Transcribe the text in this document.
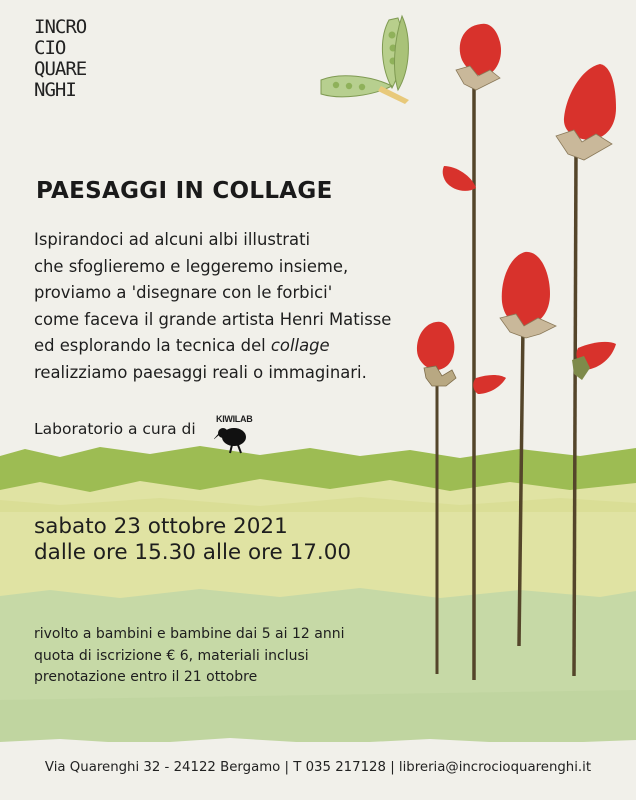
INCRO
CIO
QUARE
NGHI
PAESAGGI IN COLLAGE
Ispirandoci ad alcuni albi illustrati
che sfoglieremo e leggeremo insieme,
proviamo a 'disegnare con le forbici'
come faceva il grande artista Henri Matisse
ed esplorando la tecnica del collage
realizziamo paesaggi reali o immaginari.
Laboratorio a cura di
KIWILAB
sabato 23 ottobre 2021
dalle ore 15.30 alle ore 17.00
rivolto a bambini e bambine dai 5 ai 12 anni
quota di iscrizione € 6, materiali inclusi
prenotazione entro il 21 ottobre
Via Quarenghi 32 - 24122 Bergamo | T 035 217128 | libreria@incrocioquarenghi.it
